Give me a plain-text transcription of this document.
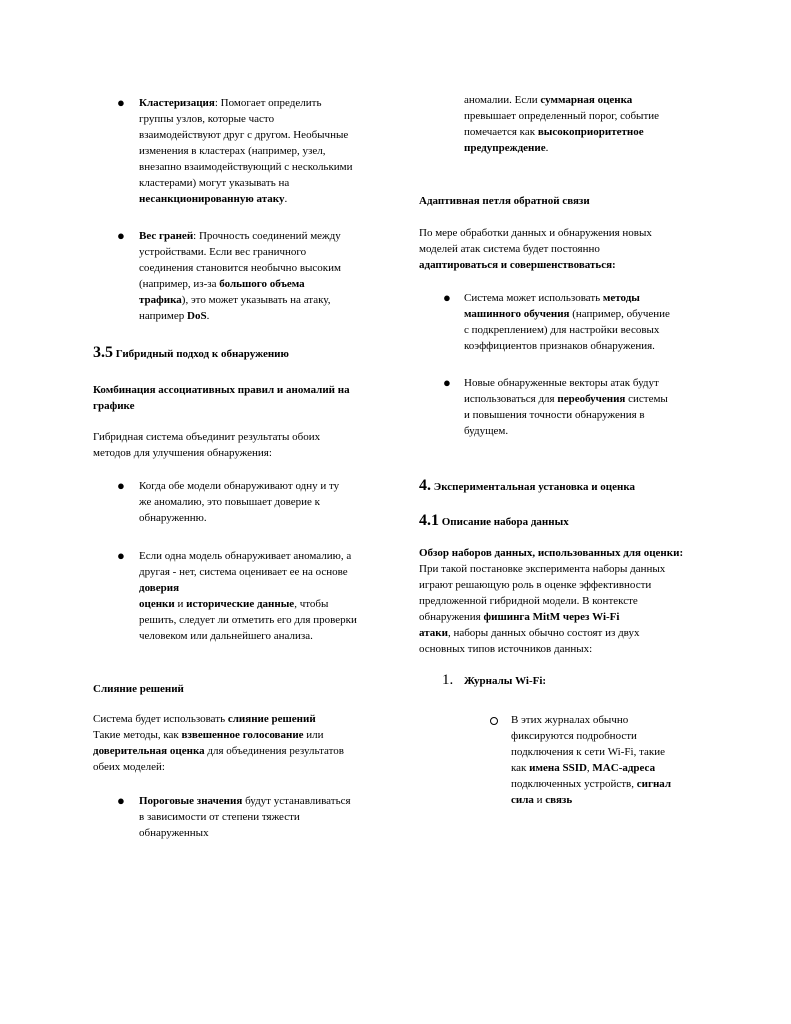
● Кластеризация: Помогает определить
группы узлов, которые часто
взаимодействуют друг с другом. Необычные
изменения в кластерах (например, узел,
внезапно взаимодействующий с несколькими
кластерами) могут указывать на
несанкционированную атаку.
● Вес граней: Прочность соединений между
устройствами. Если вес граничного
соединения становится необычно высоким
(например, из-за большого объема
трафика), это может указывать на атаку,
например DoS.
3.5 Гибридный подход к обнаружению
Комбинация ассоциативных правил и аномалий на
графике
Гибридная система объединит результаты обоих
методов для улучшения обнаружения:
● Когда обе модели обнаруживают одну и ту
же аномалию, это повышает доверие к
обнаруженню.
● Если одна модель обнаруживает аномалию, а
другая - нет, система оценивает ее на основе
доверия
оценки и исторические данные, чтобы
решить, следует ли отметить его для проверки
человеком или дальнейшего анализа.
Слияние решений
Система будет использовать слияние решений
Такие методы, как взвешенное голосование или
доверительная оценка для объединения результатов
обеих моделей:
● Пороговые значения будут устанавливаться
в зависимости от степени тяжести
обнаруженных
аномалии. Если суммарная оценка
превышает определенный порог, событие
помечается как высокоприоритетное
предупреждение.
Адаптивная петля обратной связи
По мере обработки данных и обнаружения новых
моделей атак система будет постоянно
адаптироваться и совершенствоваться:
● Система может использовать методы
машинного обучения (например, обучение
с подкреплением) для настройки весовых
коэффициентов признаков обнаружения.
● Новые обнаруженные векторы атак будут
использоваться для переобучения системы
и повышения точности обнаружения в
будущем.
4. Экспериментальная установка и оценка
4.1 Описание набора данных
Обзор наборов данных, использованных для оценки:
При такой постановке эксперимента наборы данных
играют решающую роль в оценке эффективности
предложенной гибридной модели. В контексте
обнаружения фишинга MitM через Wi-Fi
атаки, наборы данных обычно состоят из двух
основных типов источников данных:
1. Журналы Wi-Fi:
В этих журналах обычно
фиксируются подробности
подключения к сети Wi-Fi, такие
как имена SSID, MAC-адреса
подключенных устройств, сигнал
сила и связь
